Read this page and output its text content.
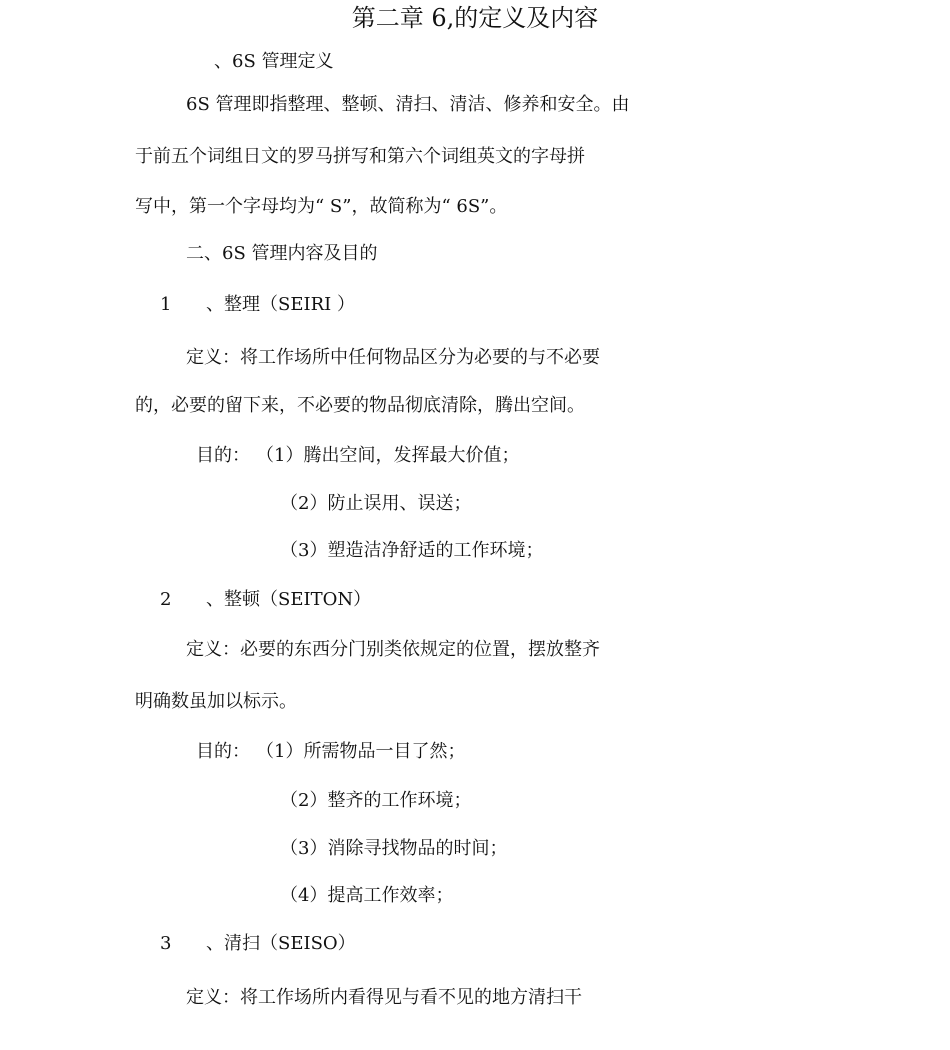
第二章 6,的定义及内容
、6S 管理定义
6S 管理即指整理、整顿、清扫、清洁、修养和安全。由
于前五个词组日文的罗马拼写和第六个词组英文的字母拼
写中，第一个字母均为“ S”，故简称为“ 6S”。
二、6S 管理内容及目的
1 、整理（SEIRI ）
定义：将工作场所中任何物品区分为必要的与不必要
的，必要的留下来，不必要的物品彻底清除，腾出空间。
目的： （1）腾出空间，发挥最大价值；
（2）防止误用、误送；
（3）塑造洁净舒适的工作环境；
2 、整顿（SEITON）
定义：必要的东西分门别类依规定的位置，摆放整齐
明确数虽加以标示。
目的： （1）所需物品一目了然；
（2）整齐的工作环境；
（3）消除寻找物品的时间；
（4）提高工作效率；
3 、清扫（SEISO）
定义：将工作场所内看得见与看不见的地方清扫干
